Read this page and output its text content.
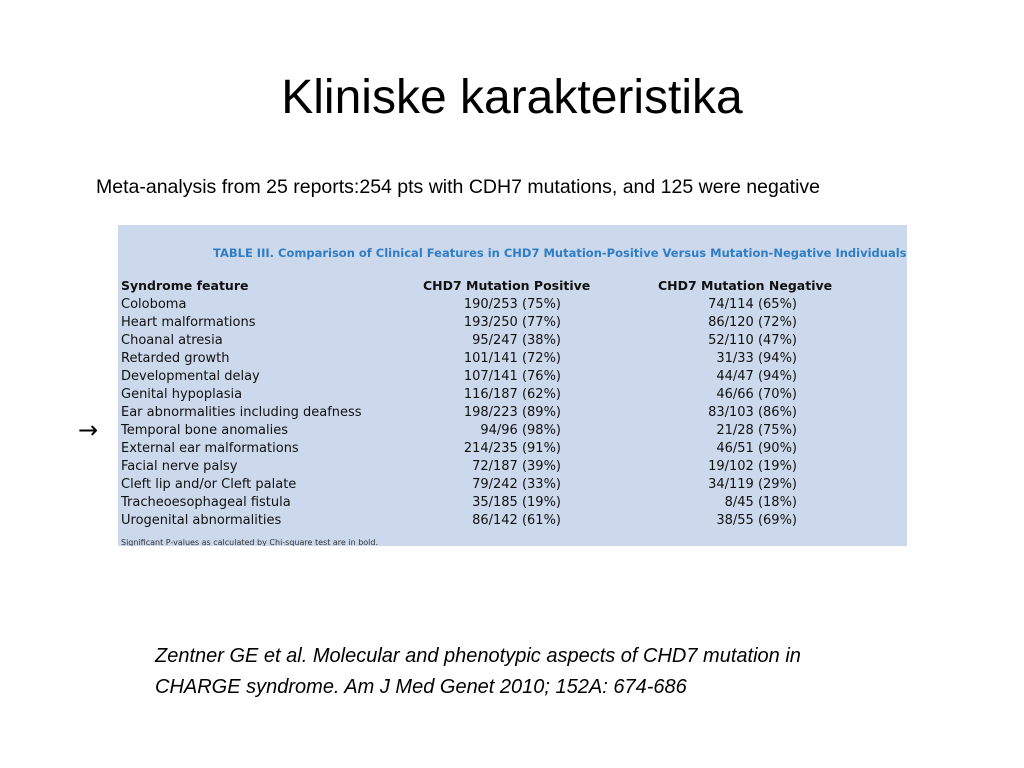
Kliniske karakteristika
Meta-analysis from 25 reports:254 pts with CDH7 mutations, and 125 were negative
→
TABLE III. Comparison of Clinical Features in CHD7 Mutation-Positive Versus Mutation-Negative Individuals
Syndrome feature	CHD7 Mutation Positive	CHD7 Mutation Negative
Coloboma	190/253 (75%)	74/114 (65%)
Heart malformations	193/250 (77%)	86/120 (72%)
Choanal atresia	95/247 (38%)	52/110 (47%)
Retarded growth	101/141 (72%)	31/33 (94%)
Developmental delay	107/141 (76%)	44/47 (94%)
Genital hypoplasia	116/187 (62%)	46/66 (70%)
Ear abnormalities including deafness	198/223 (89%)	83/103 (86%)
Temporal bone anomalies	94/96 (98%)	21/28 (75%)
External ear malformations	214/235 (91%)	46/51 (90%)
Facial nerve palsy	72/187 (39%)	19/102 (19%)
Cleft lip and/or Cleft palate	79/242 (33%)	34/119 (29%)
Tracheoesophageal fistula	35/185 (19%)	8/45 (18%)
Urogenital abnormalities	86/142 (61%)	38/55 (69%)
Significant P-values as calculated by Chi-square test are in bold.
Zentner GE et al. Molecular and phenotypic aspects of CHD7 mutation in
CHARGE syndrome. Am J Med Genet 2010; 152A: 674-686
